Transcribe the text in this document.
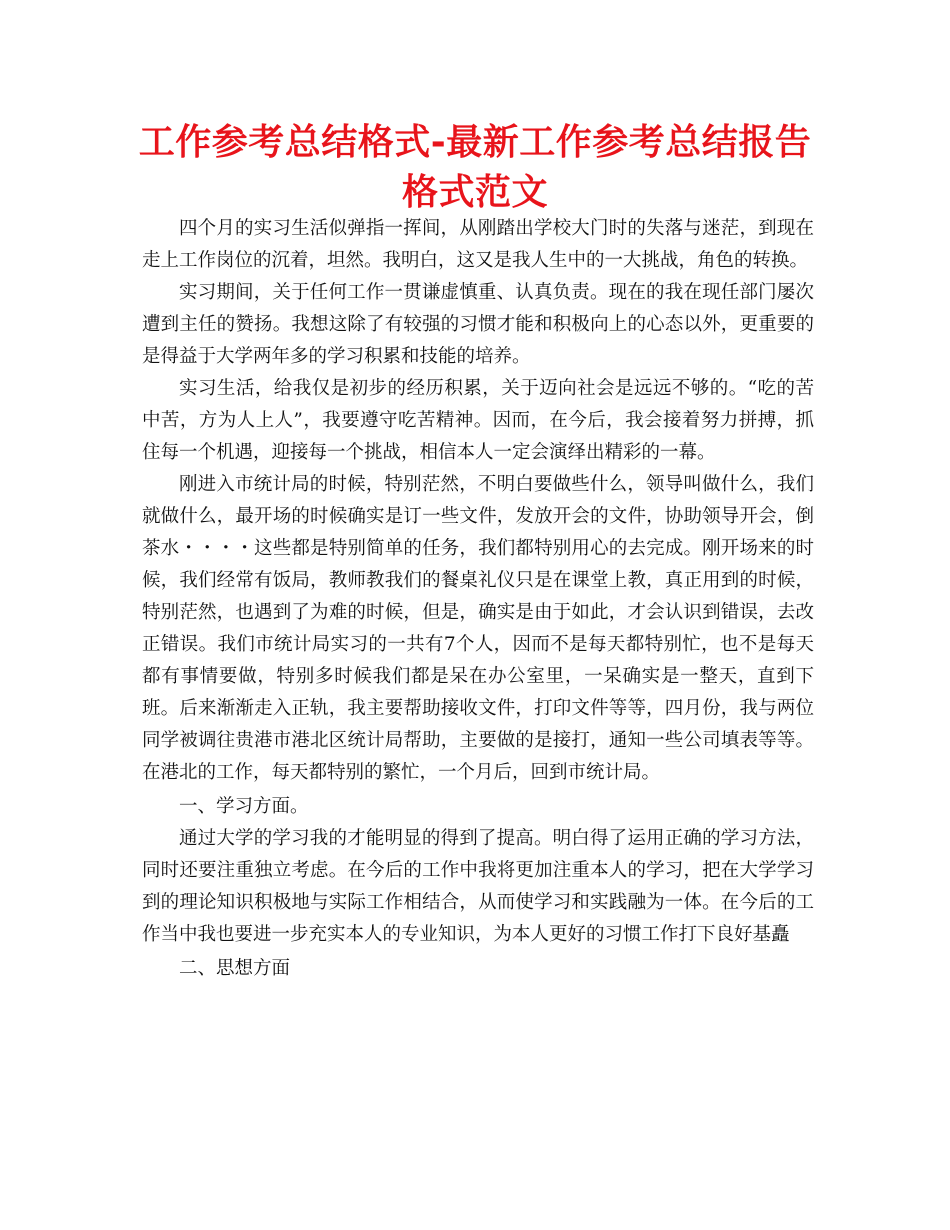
工作参考总结格式-最新工作参考总结报告格式范文

四个月的实习生活似弹指一挥间，从刚踏出学校大门时的失落与迷茫，到现在走上工作岗位的沉着，坦然。我明白，这又是我人生中的一大挑战，角色的转换。

实习期间，关于任何工作一贯谦虚慎重、认真负责。现在的我在现任部门屡次遭到主任的赞扬。我想这除了有较强的习惯才能和积极向上的心态以外，更重要的是得益于大学两年多的学习积累和技能的培养。

实习生活，给我仅是初步的经历积累，关于迈向社会是远远不够的。“吃的苦中苦，方为人上人”，我要遵守吃苦精神。因而，在今后，我会接着努力拼搏，抓住每一个机遇，迎接每一个挑战，相信本人一定会演绎出精彩的一幕。

刚进入市统计局的时候，特别茫然，不明白要做些什么，领导叫做什么，我们就做什么，最开场的时候确实是订一些文件，发放开会的文件，协助领导开会，倒茶水・・・・这些都是特别简单的任务，我们都特别用心的去完成。刚开场来的时候，我们经常有饭局，教师教我们的餐桌礼仪只是在课堂上教，真正用到的时候，特别茫然，也遇到了为难的时候，但是，确实是由于如此，才会认识到错误，去改正错误。我们市统计局实习的一共有7个人，因而不是每天都特别忙，也不是每天都有事情要做，特别多时候我们都是呆在办公室里，一呆确实是一整天，直到下班。后来渐渐走入正轨，我主要帮助接收文件，打印文件等等，四月份，我与两位同学被调往贵港市港北区统计局帮助，主要做的是接打，通知一些公司填表等等。在港北的工作，每天都特别的繁忙，一个月后，回到市统计局。

一、学习方面。

通过大学的学习我的才能明显的得到了提高。明白得了运用正确的学习方法，同时还要注重独立考虑。在今后的工作中我将更加注重本人的学习，把在大学学习到的理论知识积极地与实际工作相结合，从而使学习和实践融为一体。在今后的工作当中我也要进一步充实本人的专业知识，为本人更好的习惯工作打下良好基矗

二、思想方面
